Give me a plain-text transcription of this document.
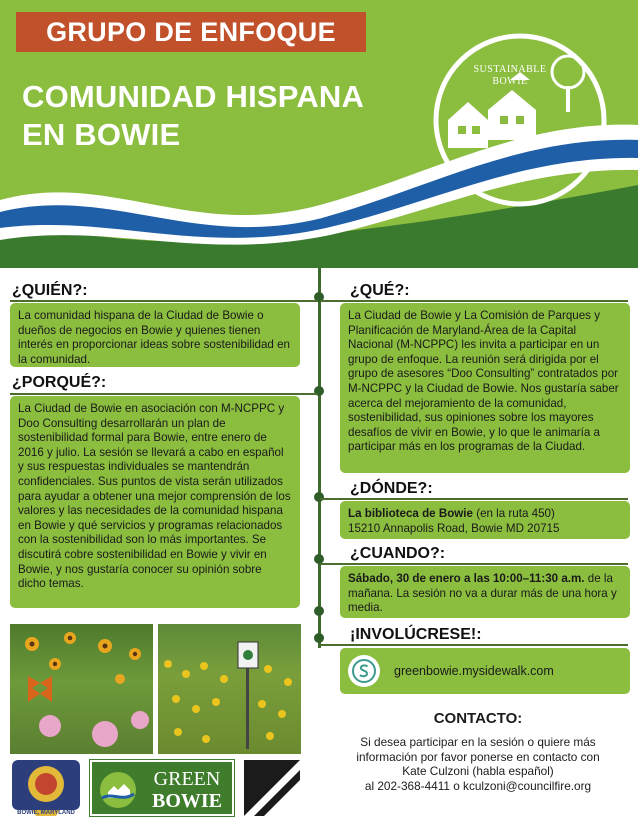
SUSTAINABLE
BOWIE
GRUPO DE ENFOQUE
COMUNIDAD HISPANA
EN BOWIE
¿QUIÉN?:
La comunidad hispana de la Ciudad de Bowie o dueños de negocios en Bowie y quienes tienen interés en proporcionar ideas sobre sostenibilidad en la comunidad.
¿PORQUÉ?:
La Ciudad de Bowie en asociación con M-NCPPC y Doo Consulting desarrollarán un plan de sostenibilidad formal para Bowie, entre enero de 2016 y julio. La sesión se llevará a cabo en español y sus respuestas individuales se mantendrán confidenciales. Sus puntos de vista serán utilizados para ayudar a obtener una mejor comprensión de los valores y las necesidades de la comunidad hispana en Bowie y qué servicios y programas relacionados con la sostenibilidad son lo más importantes. Se discutirá cobre sostenibilidad en Bowie y vivir en Bowie, y nos gustaría conocer su opinión sobre dicho temas.
¿QUÉ?:
La Ciudad de Bowie y La Comisión de Parques y Planificación de Maryland-Área de la Capital Nacional (M-NCPPC) les invita a participar en un grupo de enfoque. La reunión será dirigida por el grupo de asesores “Doo Consulting” contratados por M-NCPPC y la Ciudad de Bowie. Nos gustaría saber acerca del mejoramiento de la comunidad, sostenibilidad, sus opiniones sobre los mayores desafíos de vivir en Bowie, y lo que le animaría a participar más en los programas de la Ciudad.
¿DÓNDE?:
La biblioteca de Bowie (en la ruta 450)
15210 Annapolis Road, Bowie MD 20715
¿CUANDO?:
Sábado, 30 de enero a las 10:00–11:30 a.m. de la mañana. La sesión no va a durar más de una hora y media.
¡INVOLÚCRESE!:
greenbowie.mysidewalk.com
BOWIE, MARYLAND
GREEN
BOWIE
CONTACTO:
Si desea participar en la sesión o quiere más
información por favor ponerse en contacto con
Kate Culzoni (habla español)
al 202-368-4411 o kculzoni@councilfire.org
